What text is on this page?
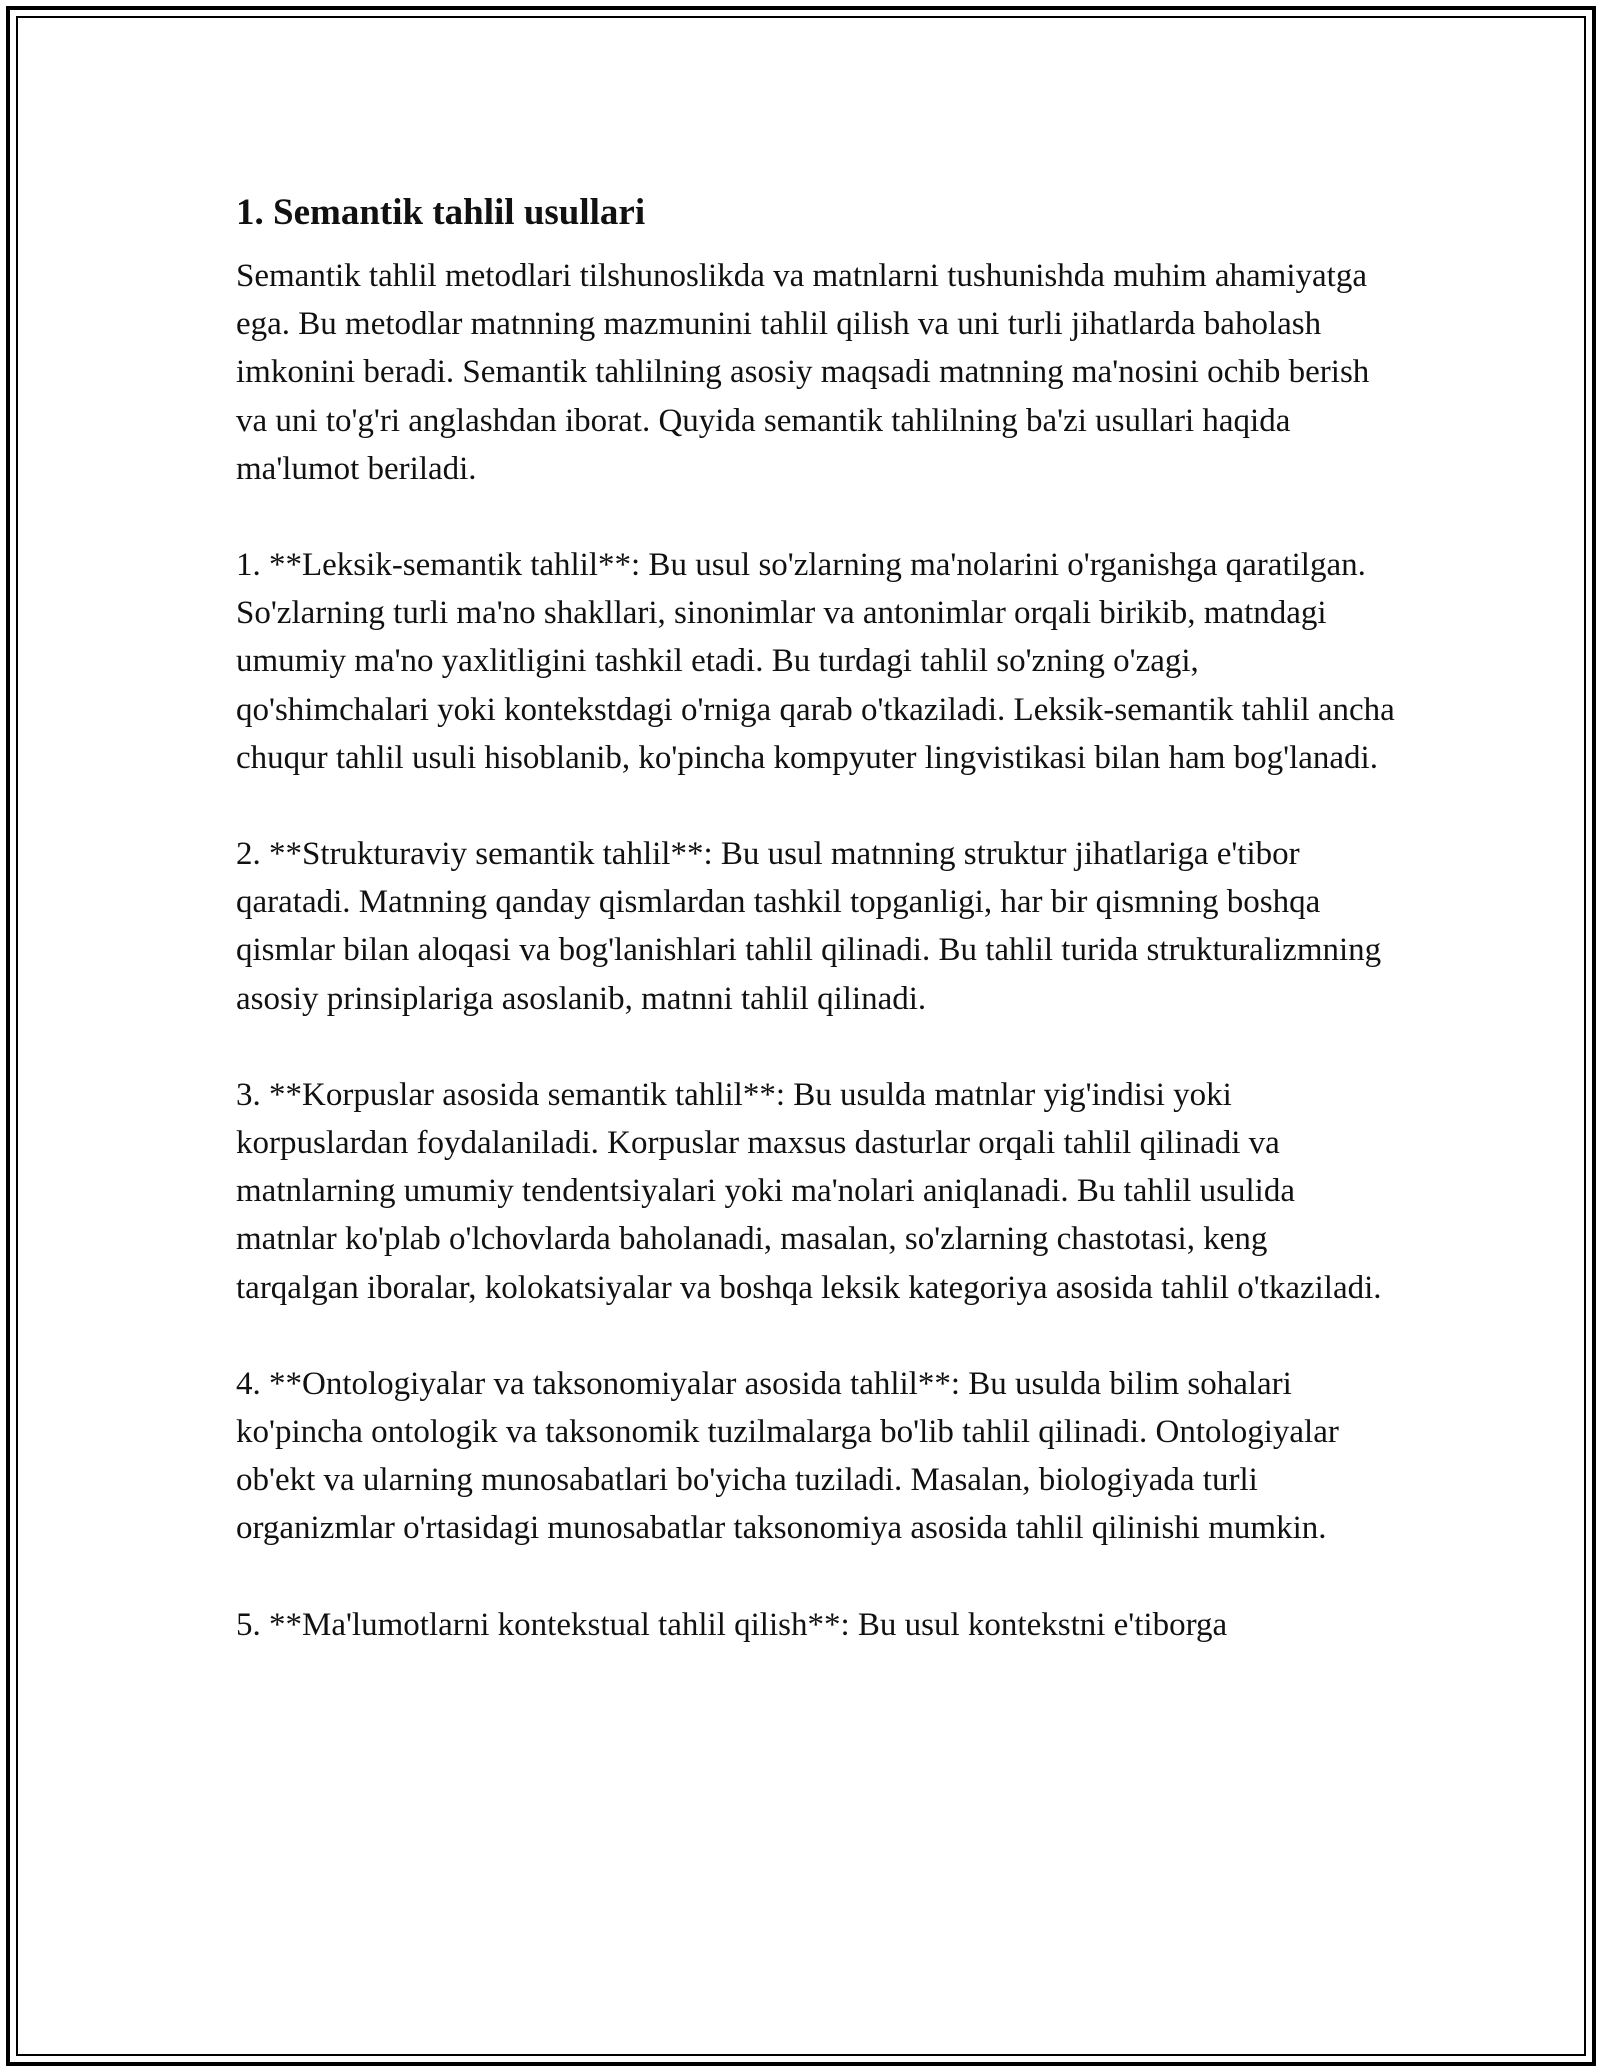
1. Semantik tahlil usullari

Semantik tahlil metodlari tilshunoslikda va matnlarni tushunishda muhim ahamiyatga ega. Bu metodlar matnning mazmunini tahlil qilish va uni turli jihatlarda baholash imkonini beradi. Semantik tahlilning asosiy maqsadi matnning ma'nosini ochib berish va uni to'g'ri anglashdan iborat. Quyida semantik tahlilning ba'zi usullari haqida ma'lumot beriladi.

1. **Leksik-semantik tahlil**: Bu usul so'zlarning ma'nolarini o'rganishga qaratilgan. So'zlarning turli ma'no shakllari, sinonimlar va antonimlar orqali birikib, matndagi umumiy ma'no yaxlitligini tashkil etadi. Bu turdagi tahlil so'zning o'zagi, qo'shimchalari yoki kontekstdagi o'rniga qarab o'tkaziladi. Leksik-semantik tahlil ancha chuqur tahlil usuli hisoblanib, ko'pincha kompyuter lingvistikasi bilan ham bog'lanadi.

2. **Strukturaviy semantik tahlil**: Bu usul matnning struktur jihatlariga e'tibor qaratadi. Matnning qanday qismlardan tashkil topganligi, har bir qismning boshqa qismlar bilan aloqasi va bog'lanishlari tahlil qilinadi. Bu tahlil turida strukturalizmning asosiy prinsiplariga asoslanib, matnni tahlil qilinadi.

3. **Korpuslar asosida semantik tahlil**: Bu usulda matnlar yig'indisi yoki korpuslardan foydalaniladi. Korpuslar maxsus dasturlar orqali tahlil qilinadi va matnlarning umumiy tendentsiyalari yoki ma'nolari aniqlanadi. Bu tahlil usulida matnlar ko'plab o'lchovlarda baholanadi, masalan, so'zlarning chastotasi, keng tarqalgan iboralar, kolokatsiyalar va boshqa leksik kategoriya asosida tahlil o'tkaziladi.

4. **Ontologiyalar va taksonomiyalar asosida tahlil**: Bu usulda bilim sohalari ko'pincha ontologik va taksonomik tuzilmalarga bo'lib tahlil qilinadi. Ontologiyalar ob'ekt va ularning munosabatlari bo'yicha tuziladi. Masalan, biologiyada turli organizmlar o'rtasidagi munosabatlar taksonomiya asosida tahlil qilinishi mumkin.

5. **Ma'lumotlarni kontekstual tahlil qilish**: Bu usul kontekstni e'tiborga
